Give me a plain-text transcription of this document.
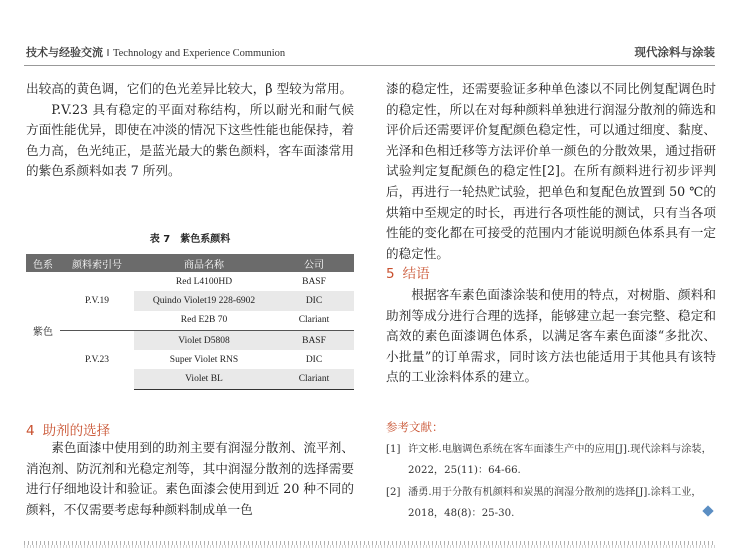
技术与经验交流 ‖ Technology and Experience Communion	现代涂料与涂装

出较高的黄色调，它们的色光差异比较大，β 型较为常用。

P.V.23 具有稳定的平面对称结构，所以耐光和耐气候方面性能优异，即使在冲淡的情况下这些性能也能保持，着色力高，色光纯正，是蓝光最大的紫色颜料，客车面漆常用的紫色系颜料如表 7 所列。

表 7　紫色系颜料
色系	颜料索引号	商品名称	公司
紫色	P.V.19	Red L4100HD	BASF
		Quindo Violet19 228-6902	DIC
		Red E2B 70	Clariant
	P.V.23	Violet D5808	BASF
		Super Violet RNS	DIC
		Violet BL	Clariant
4 助剂的选择

素色面漆中使用到的助剂主要有润湿分散剂、流平剂、消泡剂、防沉剂和光稳定剂等，其中润湿分散剂的选择需要进行仔细地设计和验证。素色面漆会使用到近 20 种不同的颜料，不仅需要考虑每种颜料制成单一色

漆的稳定性，还需要验证多种单色漆以不同比例复配调色时的稳定性，所以在对每种颜料单独进行润湿分散剂的筛选和评价后还需要评价复配颜色稳定性，可以通过细度、黏度、光泽和色相迁移等方法评价单一颜色的分散效果，通过指研试验判定复配颜色的稳定性[2]。在所有颜料进行初步评判后，再进行一轮热贮试验，把单色和复配色放置到 50 ℃的烘箱中至规定的时长，再进行各项性能的测试，只有当各项性能的变化都在可接受的范围内才能说明颜色体系具有一定的稳定性。

5 结语

根据客车素色面漆涂装和使用的特点，对树脂、颜料和助剂等成分进行合理的选择，能够建立起一套完整、稳定和高效的素色面漆调色体系，以满足客车素色面漆“多批次、小批量”的订单需求，同时该方法也能适用于其他具有该特点的工业涂料体系的建立。

参考文献：
[1] 许文彬.电脑调色系统在客车面漆生产中的应用[J].现代涂料与涂装，2022，25(11)：64-66.
[2] 潘勇.用于分散有机颜料和炭黑的润湿分散剂的选择[J].涂料工业，2018，48(8)：25-30.
